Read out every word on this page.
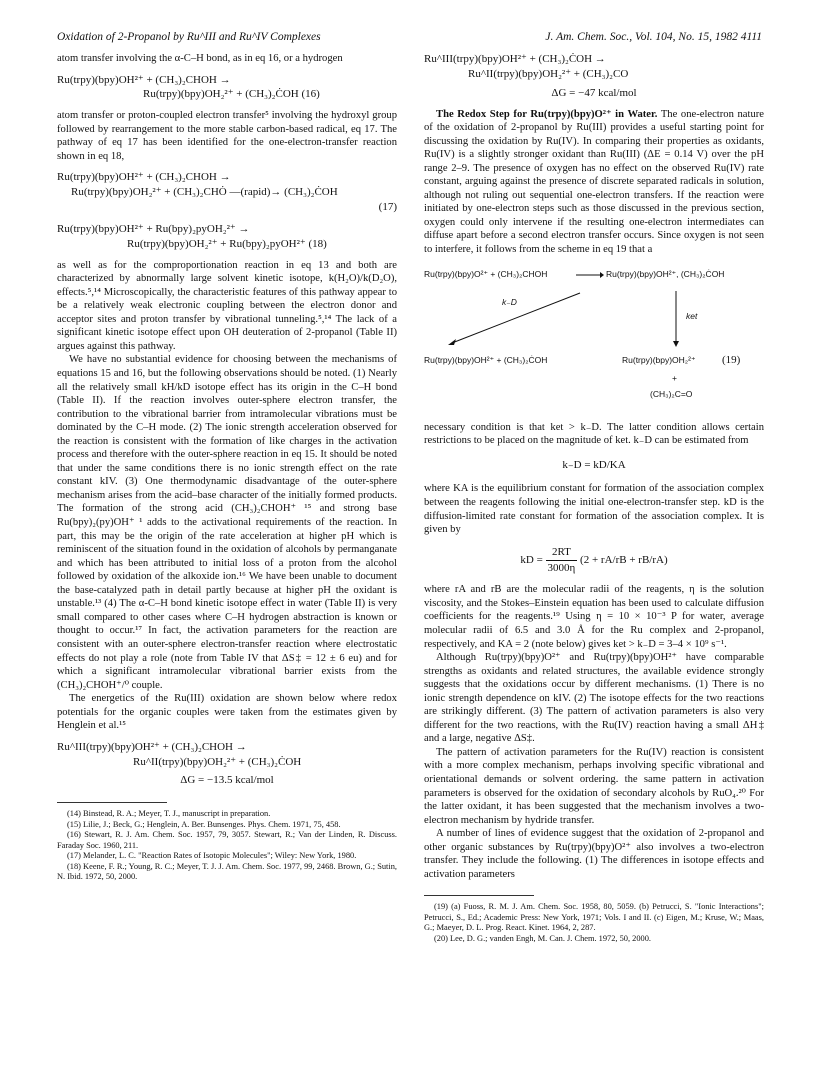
Oxidation of 2-Propanol by Ru^III and Ru^IV Complexes	J. Am. Chem. Soc., Vol. 104, No. 15, 1982 4111

atom transfer involving the α-C–H bond, as in eq 16, or a hydrogen

Ru(trpy)(bpy)OH²⁺ + (CH₃)₂CHOH →
Ru(trpy)(bpy)OH₂²⁺ + (CH₃)₂ĊOH (16)

atom transfer or proton-coupled electron transfer⁵ involving the hydroxyl group followed by rearrangement to the more stable carbon-based radical, eq 17. The pathway of eq 17 has been identified for the one-electron-transfer reaction shown in eq 18,

Ru(trpy)(bpy)OH²⁺ + (CH₃)₂CHOH →
Ru(trpy)(bpy)OH₂²⁺ + (CH₃)₂CHȮ —(rapid)→ (CH₃)₂ĊOH
(17)
Ru(trpy)(bpy)OH²⁺ + Ru(bpy)₂pyOH₂²⁺ →
Ru(trpy)(bpy)OH₂²⁺ + Ru(bpy)₂pyOH²⁺ (18)

as well as for the comproportionation reaction in eq 13 and both are characterized by abnormally large solvent kinetic isotope, k(H₂O)/k(D₂O), effects.⁵,¹⁴ Microscopically, the characteristic features of this pathway appear to be a relatively weak electronic coupling between the electron donor and acceptor sites and proton transfer by vibrational tunneling.⁵,¹⁴ The lack of a significant kinetic isotope effect upon OH deuteration of 2-propanol (Table II) argues against this pathway.

We have no substantial evidence for choosing between the mechanisms of equations 15 and 16, but the following observations should be noted. (1) Nearly all the relatively small kH/kD isotope effect has its origin in the C–H bond (Table II). If the reaction involves outer-sphere electron transfer, the contribution to the vibrational barrier from intramolecular vibrations must be dominated by the C–H mode. (2) The ionic strength acceleration observed for the reaction is consistent with the formation of like charges in the activation process and therefore with the outer-sphere reaction in eq 15. It should be noted that under the same conditions there is no ionic strength effect on the rate constant kIV. (3) One thermodynamic disadvantage of the outer-sphere mechanism arises from the acid–base character of the initially formed products. The formation of the strong acid (CH₃)₂CHOH⁺ ¹⁵ and strong base Ru(bpy)₂(py)OH⁺ ¹ adds to the activational requirements of the reaction. In part, this may be the origin of the rate acceleration at higher pH which is reminiscent of the situation found in the oxidation of alcohols by permanganate and which has been attributed to initial loss of a proton from the alcohol followed by oxidation of the alkoxide ion.¹⁶ We have been unable to document the base-catalyzed path in detail partly because at higher pH the oxidant is unstable.¹³ (4) The α-C–H bond kinetic isotope effect in water (Table II) is very small compared to other cases where C–H hydrogen abstraction is known or thought to occur.¹⁷ In fact, the activation parameters for the reaction are consistent with an outer-sphere electron-transfer reaction where electrostatic effects do not play a role (note from Table IV that ΔS‡ = 12 ± 6 eu) and for which a significant intramolecular vibrational barrier exists from the (CH₃)₂CHOH⁺/⁰ couple.

The energetics of the Ru(III) oxidation are shown below where redox potentials for the organic couples were taken from the estimates given by Henglein et al.¹⁵

Ru^III(trpy)(bpy)OH²⁺ + (CH₃)₂CHOH →
Ru^II(trpy)(bpy)OH₂²⁺ + (CH₃)₂ĊOH
ΔG = −13.5 kcal/mol

(14) Binstead, R. A.; Meyer, T. J., manuscript in preparation.

(15) Lilie, J.; Beck, G.; Henglein, A. Ber. Bunsenges. Phys. Chem. 1971, 75, 458.

(16) Stewart, R. J. Am. Chem. Soc. 1957, 79, 3057. Stewart, R.; Van der Linden, R. Discuss. Faraday Soc. 1960, 211.

(17) Melander, L. C. "Reaction Rates of Isotopic Molecules"; Wiley: New York, 1980.

(18) Keene, F. R.; Young, R. C.; Meyer, T. J. J. Am. Chem. Soc. 1977, 99, 2468. Brown, G.; Sutin, N. Ibid. 1972, 50, 2000.

Ru^III(trpy)(bpy)OH²⁺ + (CH₃)₂ĊOH →
Ru^II(trpy)(bpy)OH₂²⁺ + (CH₃)₂CO
ΔG = −47 kcal/mol

The Redox Step for Ru(trpy)(bpy)O²⁺ in Water. The one-electron nature of the oxidation of 2-propanol by Ru(III) provides a useful starting point for discussing the oxidation by Ru(IV). In comparing their properties as oxidants, Ru(IV) is a slightly stronger oxidant than Ru(III) (ΔE = 0.14 V) over the pH range 2–9. The presence of oxygen has no effect on the observed Ru(IV) rate constant, arguing against the presence of discrete separated radicals in solution, although not ruling out sequential one-electron transfers. If the reaction were initiated by one-electron steps such as those discussed in the previous section, oxygen could only intervene if the resulting one-electron intermediates can diffuse apart before a second electron transfer occurs. Since oxygen is not seen to interfere, it follows from the scheme in eq 19 that a

Ru(trpy)(bpy)O²⁺ + (CH₃)₂CHOH	Ru(trpy)(bpy)OH²⁺, (CH₃)₂ĊOH
k₋D
ket
Ru(trpy)(bpy)OH²⁺ + (CH₃)₂ĊOH	Ru(trpy)(bpy)OH₂²⁺ (19)
+
(CH₃)₂C=O

necessary condition is that ket > k₋D. The latter condition allows certain restrictions to be placed on the magnitude of ket. k₋D can be estimated from

k₋D = kD/KA

where KA is the equilibrium constant for formation of the association complex between the reagents following the initial one-electron-transfer step. kD is the diffusion-limited rate constant for formation of the association complex. It is given by

kD = $\frac{2RT}{3000\eta} (2 + rA/rB + rB/rA)$

where rA and rB are the molecular radii of the reagents, η is the solution viscosity, and the Stokes–Einstein equation has been used to calculate diffusion coefficients for the reagents.¹⁹ Using η = 10 × 10⁻³ P for water, average molecular radii of 6.5 and 3.0 Å for the Ru complex and 2-propanol, respectively, and KA = 2 (note below) gives ket > k₋D = 3–4 × 10⁹ s⁻¹.

Although Ru(trpy)(bpy)O²⁺ and Ru(trpy)(bpy)OH²⁺ have comparable strengths as oxidants and related structures, the available evidence strongly suggests that the oxidations occur by different mechanisms. (1) There is no ionic strength dependence on kIV. (2) The isotope effects for the two reactions are strikingly different. (3) The pattern of activation parameters is also very different for the two reactions, with the Ru(IV) reaction having a small ΔH‡ and a large, negative ΔS‡.

The pattern of activation parameters for the Ru(IV) reaction is consistent with a more complex mechanism, perhaps involving specific vibrational and orientational demands or solvent ordering. the same pattern in activation parameters is observed for the oxidation of secondary alcohols by RuO₄.²⁰ For the latter oxidant, it has been suggested that the mechanism involves a two-electron mechanism by hydride transfer.

A number of lines of evidence suggest that the oxidation of 2-propanol and other organic substances by Ru(trpy)(bpy)O²⁺ also involves a two-electron transfer. They include the following. (1) The differences in isotope effects and activation parameters

(19) (a) Fuoss, R. M. J. Am. Chem. Soc. 1958, 80, 5059. (b) Petrucci, S. "Ionic Interactions"; Petrucci, S., Ed.; Academic Press: New York, 1971; Vols. I and II. (c) Eigen, M.; Kruse, W.; Maas, G.; Maeyer, D. L. Prog. React. Kinet. 1964, 2, 287.

(20) Lee, D. G.; vanden Engh, M. Can. J. Chem. 1972, 50, 2000.
